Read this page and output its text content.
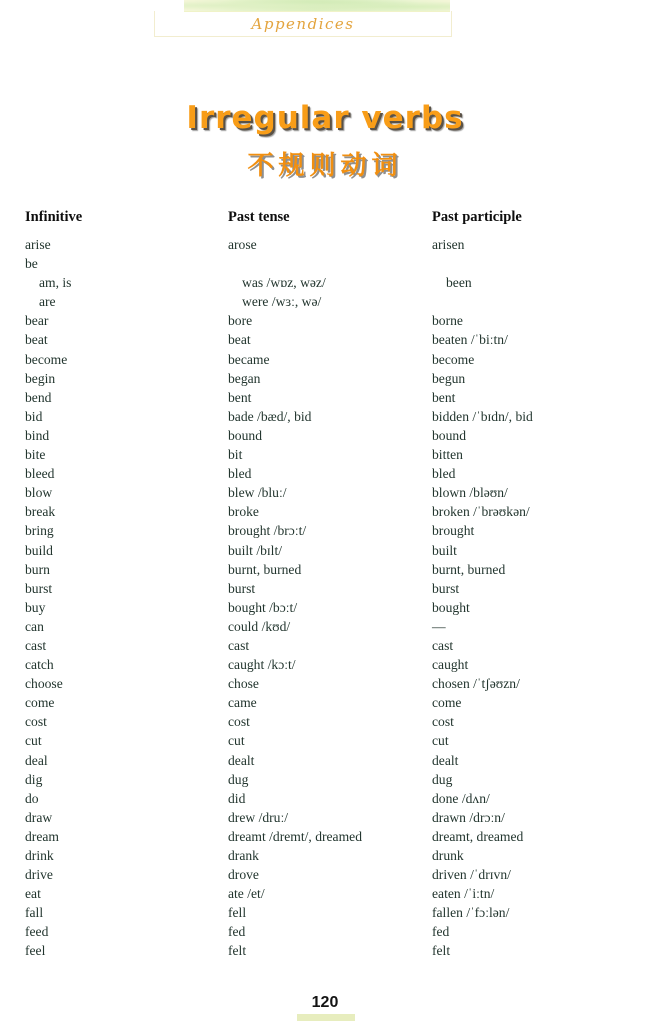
Appendices
Irregular verbs
不规则动词
Infinitive	Past tense	Past participle
arise	arose	arisen
be
am, is	was /wɒz, wəz/	been
are	were /wɜː, wə/
bear	bore	borne
beat	beat	beaten /ˈbiːtn/
become	became	become
begin	began	begun
bend	bent	bent
bid	bade /bæd/, bid	bidden /ˈbɪdn/, bid
bind	bound	bound
bite	bit	bitten
bleed	bled	bled
blow	blew /bluː/	blown /bləʊn/
break	broke	broken /ˈbrəʊkən/
bring	brought /brɔːt/	brought
build	built /bɪlt/	built
burn	burnt, burned	burnt, burned
burst	burst	burst
buy	bought /bɔːt/	bought
can	could /kʊd/	—
cast	cast	cast
catch	caught /kɔːt/	caught
choose	chose	chosen /ˈtʃəʊzn/
come	came	come
cost	cost	cost
cut	cut	cut
deal	dealt	dealt
dig	dug	dug
do	did	done /dʌn/
draw	drew /druː/	drawn /drɔːn/
dream	dreamt /dremt/, dreamed	dreamt, dreamed
drink	drank	drunk
drive	drove	driven /ˈdrɪvn/
eat	ate /et/	eaten /ˈiːtn/
fall	fell	fallen /ˈfɔːlən/
feed	fed	fed
feel	felt	felt
120
